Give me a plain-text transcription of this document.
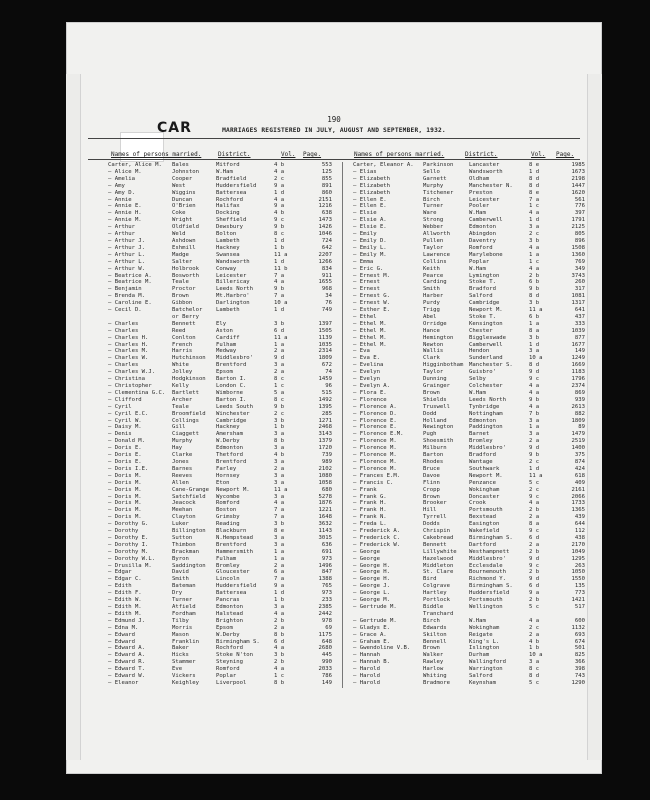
CAR
190
MARRIAGES REGISTERED IN JULY, AUGUST AND SEPTEMBER, 1932.
Names of persons married.	District.	Vol. Page.	Names of persons married.	District.	Vol. Page.
Carter, Alice M.	Bales	Mitford	4 b	553
— Alice M.	Johnston	W.Ham	4 a	125
— Amelia	Cooper	Bradfield	2 c	855
— Amy	West	Huddersfield	9 a	891
— Amy D.	Wiggins	Battersea	1 d	860
— Annie	Duncan	Rochford	4 a	2151
— Annie E.	O'Brien	Halifax	9 a	1216
— Annie H.	Coke	Docking	4 b	638
— Annie M.	Wright	Sheffield	9 c	1473
— Arthur	Oldfield	Dewsbury	9 b	1426
— Arthur	Weld	Bolton	8 c	1046
— Arthur J.	Ashdown	Lambeth	1 d	724
— Arthur J.	Eshmill	Hackney	1 b	642
— Arthur L.	Madge	Swansea	11 a	2207
— Arthur L.	Salter	Wandsworth	1 d	1266
— Arthur W.	Holbrook	Conway	11 b	834
— Beatrice A.	Bosworth	Leicester	7 a	911
— Beatrice M.	Teale	Billericay	4 a	1655
— Benjamin	Proctor	Leeds North	9 b	968
— Brenda M.	Brown	Mt.Harbro'	7 a	34
— Caroline E.	Gibbon	Darlington	10 a	76
— Cecil D.	Batchelor	Lambeth	1 d	749
or Berry
— Charles	Bennett	Ely	3 b	1397
— Charles	Reed	Aston	6 d	1505
— Charles H.	Conlton	Cardiff	11 a	1139
— Charles H.	French	Fulham	1 a	1035
— Charles M.	Harris	Medway	2 a	2314
— Charles W.	Hutchinson	Middlesbro'	9 d	1809
— Charles	White	Brentford	3 a	672
— Charles W.J.	Jolley	Epsom	2 a	74
— Christina	Hodgkinson	Barton I.	8 c	1459
— Christopher	Kelly	London C.	1 c	96
— Clementina G.C.	Bartlett	Wimborne	5 a	515
— Clifford	Archer	Barton I.	8 c	1492
— Cyril	Teale	Leeds South	9 b	1395
— Cyril E.C.	Broomfield	Winchester	2 c	285
— Cyril W.	Collings	Cambridge	3 b	1271
— Daisy M.	Gill	Hackney	1 b	2468
— Denis	Ciaggett	Amersham	3 a	3143
— Donald M.	Murphy	W.Derby	8 b	1379
— Doris E.	Hay	Edmonton	3 a	1720
— Doris E.	Clarke	Thetford	4 b	739
— Doris E.	Jones	Brentford	3 a	989
— Doris I.E.	Barnes	Farley	2 a	2102
— Doris M.	Reeves	Hornsey	3 a	1080
— Doris M.	Allen	Eton	3 a	1058
— Doris M.	Cane-Grange	Newport M.	11 a	680
— Doris M.	Satchfield	Wycombe	3 a	5278
— Doris M.	Jeacock	Romford	4 a	1876
— Doris M.	Meehan	Boston	7 a	1221
— Doris M.	Clayton	Grimsby	7 a	1648
— Dorothy G.	Luker	Reading	3 b	3632
— Dorothy	Billington	Blackburn	8 e	1143
— Dorothy E.	Sutton	N.Hempstead	3 a	3015
— Dorothy I.	Thimbon	Brentford	3 a	636
— Dorothy M.	Brackman	Hammersmith	1 a	691
— Dorothy W.L.	Byron	Fulham	1 a	973
— Drusilla M.	Saddington	Bromley	2 a	1496
— Edgar	David	Gloucester	6 a	847
— Edgar C.	Smith	Lincoln	7 a	1388
— Edith	Bateman	Huddersfield	9 a	765
— Edith F.	Dry	Battersea	1 d	973
— Edith W.	Turner	Pancras	1 b	233
— Edith M.	Atfield	Edmonton	3 a	2385
— Edith M.	Fordham	Halstead	4 a	2442
— Edmund J.	Tilby	Brighton	2 b	978
— Edna M.	Morris	Epsom	2 a	69
— Edward	Mason	W.Derby	8 b	1175
— Edward	Franklin	Birmingham S.	6 d	648
— Edward A.	Baker	Rochford	4 a	2680
— Edward A.	Hicks	Stoke N'ton	3 b	445
— Edward R.	Stammer	Steyning	2 b	990
— Edward T.	Eve	Romford	4 a	2033
— Edward W.	Vickers	Poplar	1 c	786
— Eleanor	Keighley	Liverpool	8 b	149
Carter, Eleanor A.	Parkinson	Lancaster	8 e	1985
— Elias	Sello	Wandsworth	1 d	1673
— Elizabeth	Garnett	Oldham	8 d	2198
— Elizabeth	Murphy	Manchester N.	8 d	1447
— Elizabeth	Titchener	Preston	8 e	1620
— Ellen E.	Birch	Leicester	7 a	561
— Ellen E.	Turner	Pooler	1 c	776
— Elsie	Ware	W.Ham	4 a	397
— Elsie A.	Strong	Camberwell	1 d	1791
— Elsie E.	Webber	Edmonton	3 a	2125
— Emily	Allworth	Abingdon	2 c	805
— Emily D.	Pullen	Daventry	3 b	896
— Emily L.	Taylor	Romford	4 a	1508
— Emily M.	Lawrence	Marylebone	1 a	1360
— Emma	Collins	Poplar	1 c	769
— Eric G.	Keith	W.Ham	4 a	349
— Ernest M.	Pearce	Lymington	2 b	3743
— Ernest	Carding	Stoke T.	6 b	260
— Ernest	Smith	Bradford	9 b	317
— Ernest G.	Harber	Salford	8 d	1081
— Ernest W.	Purdy	Cambridge	3 b	1317
— Esther E.	Trigg	Newport M.	11 a	641
— Ethel	Abel	Stoke T.	6 b	437
— Ethel M.	Orridge	Kensington	1 a	333
— Ethel M.	Hance	Chester	8 a	1039
— Ethel M.	Hemington	Biggleswade	3 b	877
— Ethel M.	Newton	Camberwell	1 d	1677
— Eva	Wallis	Hendon	3 a	149
— Eva E.	Clark	Sunderland	10 a	1249
— Evelina	Higginbotham Manchester S.	8 d	1669
— Evelyn	Taylor	Guisbro'	9 d	1183
— Evelyn	Dunning	Selby	9 c	1796
— Evelyn A.	Grainger	Colchester	4 a	2374
— Flora E.	Brown	W.Ham	4 a	869
— Florence	Shields	Leeds North	9 b	939
— Florence A.	Truswell	Tynbridge	4 a	2613
— Florence D.	Dodd	Nottingham	7 b	882
— Florence E.	Holland	Edmonton	3 a	1809
— Florence E.	Newington	Paddington	1 a	89
— Florence E.M.	Pugh	Barnet	3 a	1479
— Florence M.	Shoesmith	Bromley	2 a	2519
— Florence M.	Milburn	Middlesbro'	9 d	1400
— Florence M.	Barton	Bradford	9 b	375
— Florence M.	Rhodes	Wantage	2 c	874
— Florence M.	Bruce	Southwark	1 d	424
— Frances E.M.	Davoe	Newport M.	11 a	618
— Francis C.	Flinn	Penzance	5 c	409
— Frank	Cropp	Wokingham	2 c	2161
— Frank G.	Brown	Doncaster	9 c	2066
— Frank H.	Brooker	Crook	4 a	1733
— Frank H.	Hill	Portsmouth	2 b	1365
— Frank N.	Tyrrell	Bexstead	2 a	439
— Freda L.	Dodds	Easington	8 a	644
— Frederick A.	Chrispin	Wakefield	9 c	112
— Frederick C.	Cakebread	Birmingham S.	6 d	438
— Frederick W.	Bennett	Dartford	2 a	2170
— George	Lillywhite	Westhampnett	2 b	1049
— George	Hazelwood	Middlesbro'	9 d	1295
— George H.	Middleton	Ecclesdale	9 c	263
— George H.	St. Clare	Bournemouth	2 b	1050
— George H.	Bird	Richmond Y.	9 d	1550
— George J.	Colgrave	Birmingham S.	6 d	135
— George L.	Hartley	Huddersfield	9 a	773
— George M.	Portlock	Portsmouth	2 b	1421
— Gertrude M.	Biddle	Wellington	5 c	517
Tranchard
— Gertrude M.	Birch	W.Ham	4 a	600
— Gladys E.	Edwards	Wokingham	2 c	1132
— Grace A.	Skilton	Reigate	2 a	693
— Graham E.	Bennell	King's L.	4 b	674
— Gwendoline V.B.	Brown	Islington	1 b	501
— Hannah	Walker	Durham	10 a	825
— Hannah B.	Rawley	Wallingford	3 a	366
— Harold	Harlow	Warrington	8 c	398
— Harold	Whiting	Salford	8 d	743
— Harold	Bradmore	Keynsham	5 c	1290
